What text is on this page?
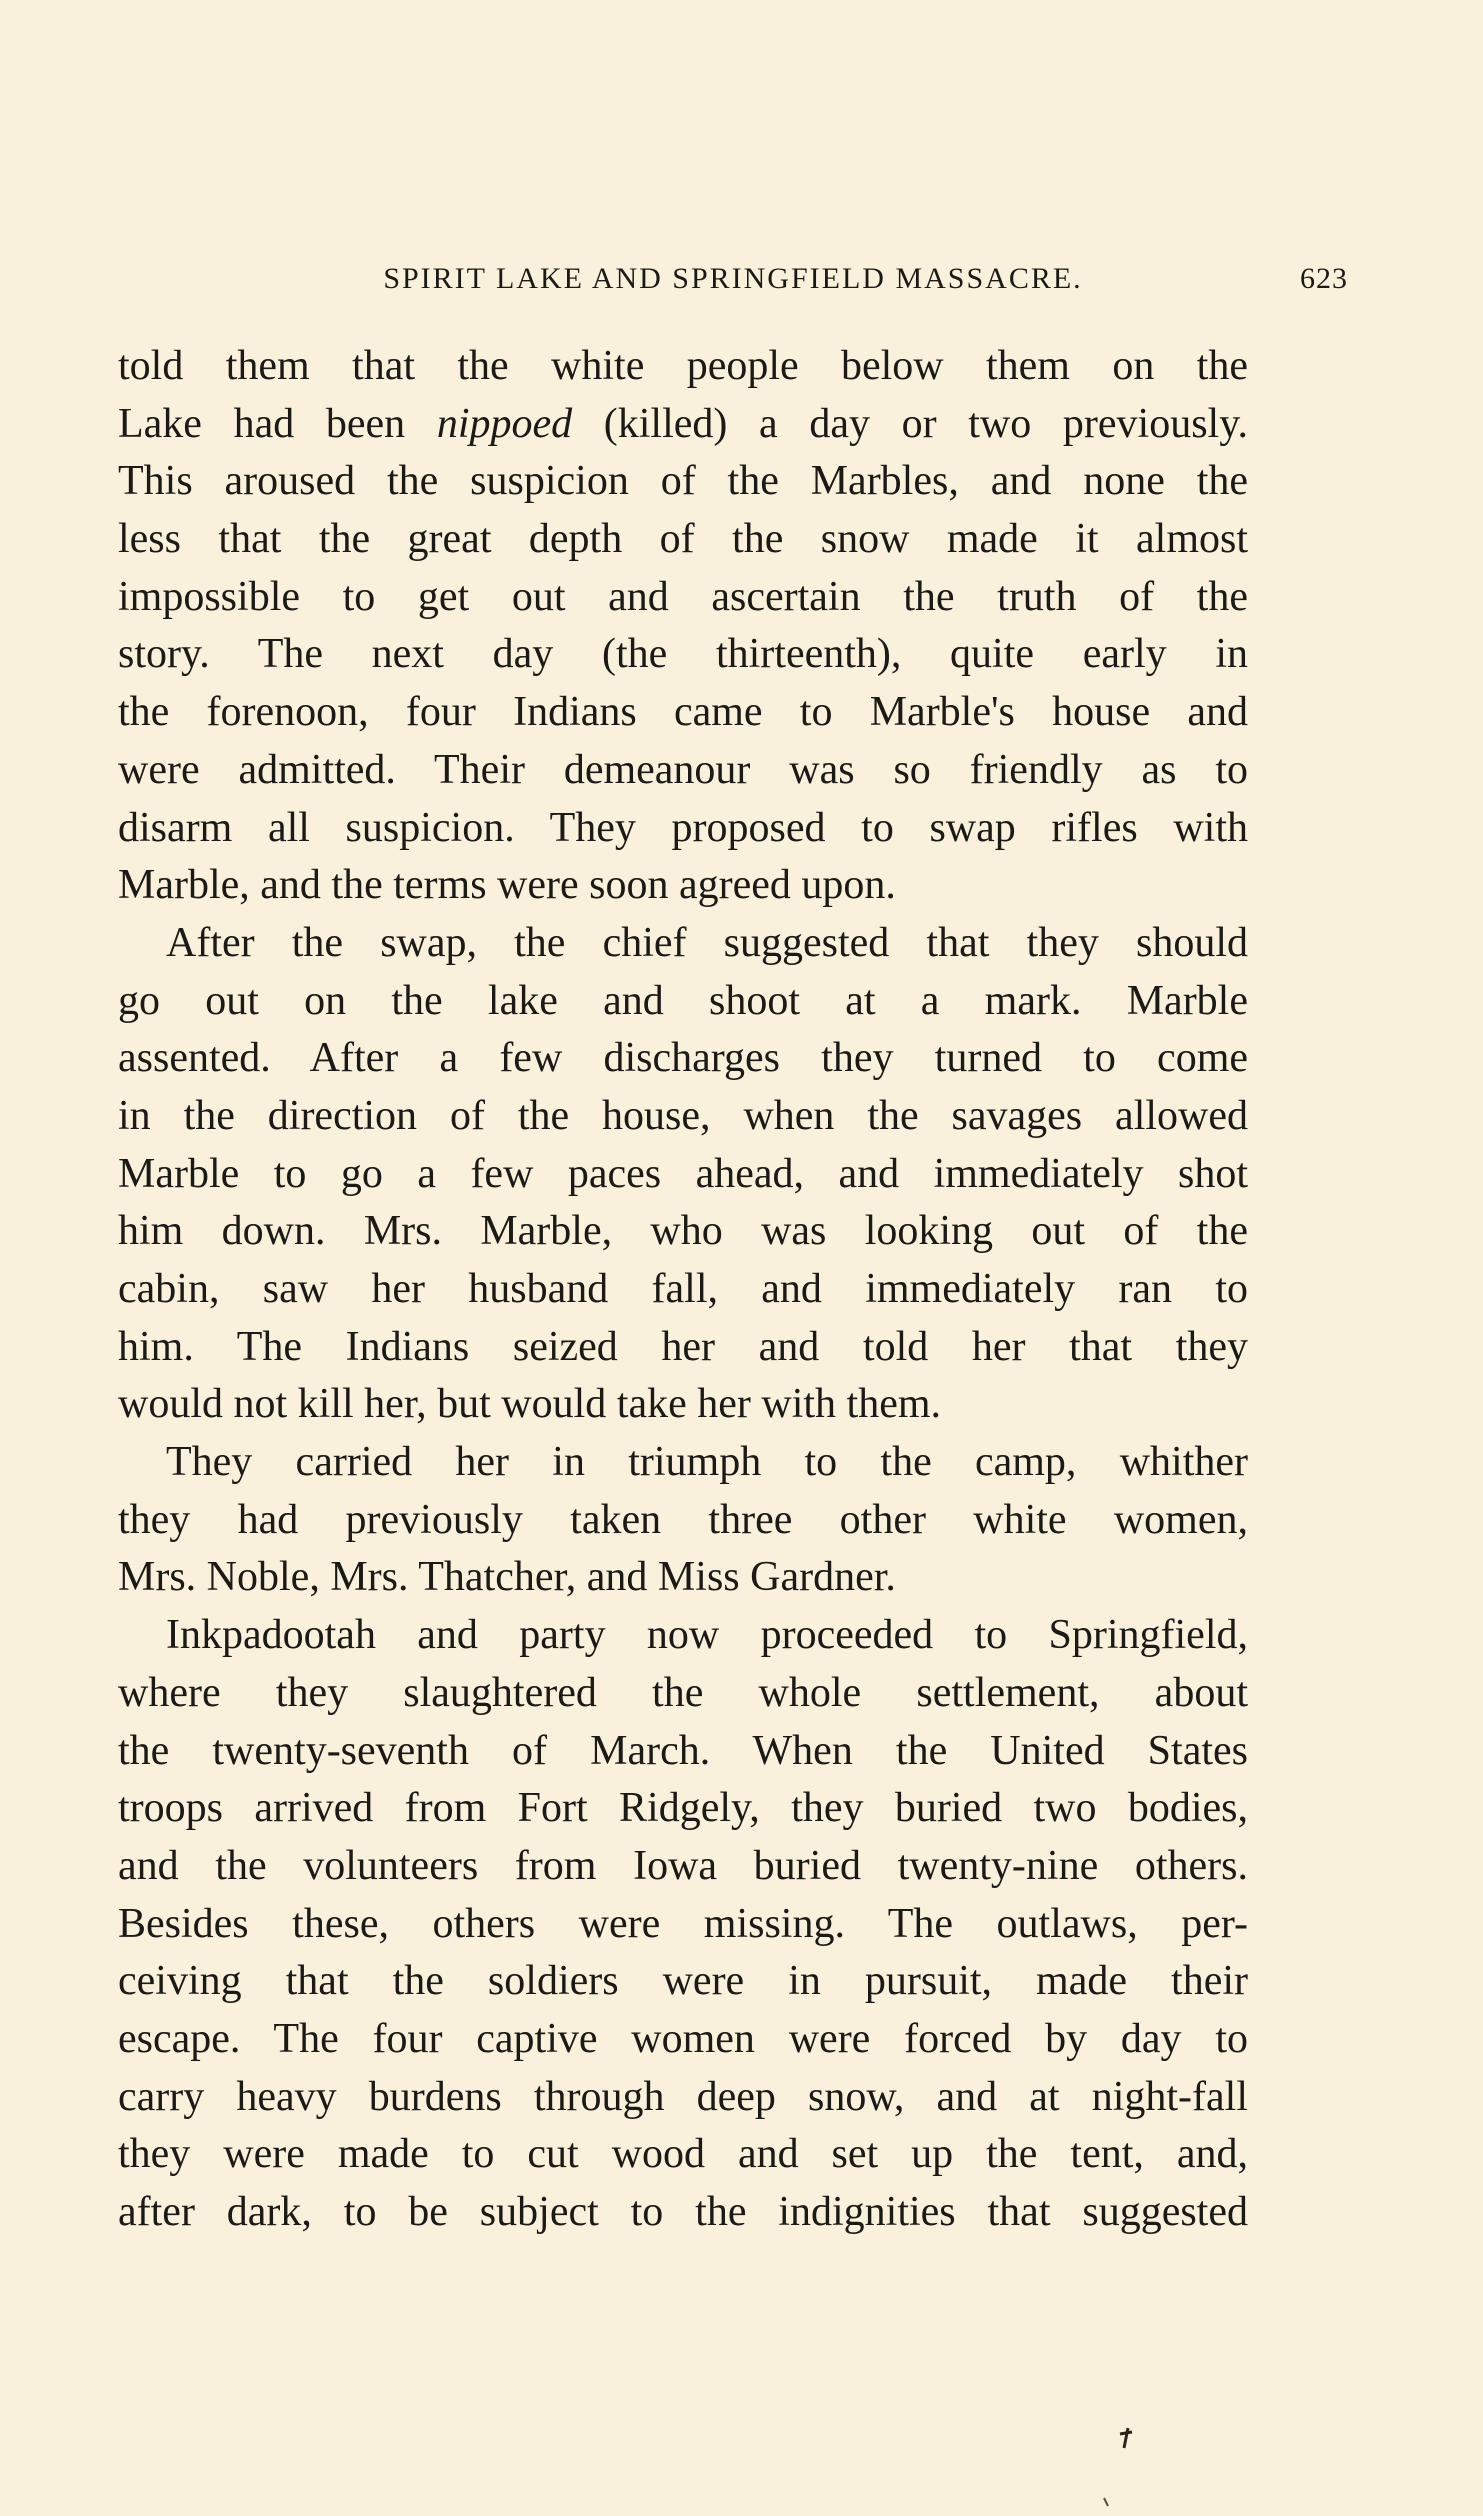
SPIRIT LAKE AND SPRINGFIELD MASSACRE.	623
told them that the white people below them on the
Lake had been nippoed (killed) a day or two previously.
This aroused the suspicion of the Marbles, and none the
less that the great depth of the snow made it almost
impossible to get out and ascertain the truth of the
story. The next day (the thirteenth), quite early in
the forenoon, four Indians came to Marble's house and
were admitted. Their demeanour was so friendly as to
disarm all suspicion. They proposed to swap rifles with
Marble, and the terms were soon agreed upon.
After the swap, the chief suggested that they should
go out on the lake and shoot at a mark. Marble
assented. After a few discharges they turned to come
in the direction of the house, when the savages allowed
Marble to go a few paces ahead, and immediately shot
him down. Mrs. Marble, who was looking out of the
cabin, saw her husband fall, and immediately ran to
him. The Indians seized her and told her that they
would not kill her, but would take her with them.
They carried her in triumph to the camp, whither
they had previously taken three other white women,
Mrs. Noble, Mrs. Thatcher, and Miss Gardner.
Inkpadootah and party now proceeded to Springfield,
where they slaughtered the whole settlement, about
the twenty-seventh of March. When the United States
troops arrived from Fort Ridgely, they buried two bodies,
and the volunteers from Iowa buried twenty-nine others.
Besides these, others were missing. The outlaws, per-
ceiving that the soldiers were in pursuit, made their
escape. The four captive women were forced by day to
carry heavy burdens through deep snow, and at night-fall
they were made to cut wood and set up the tent, and,
after dark, to be subject to the indignities that suggested
